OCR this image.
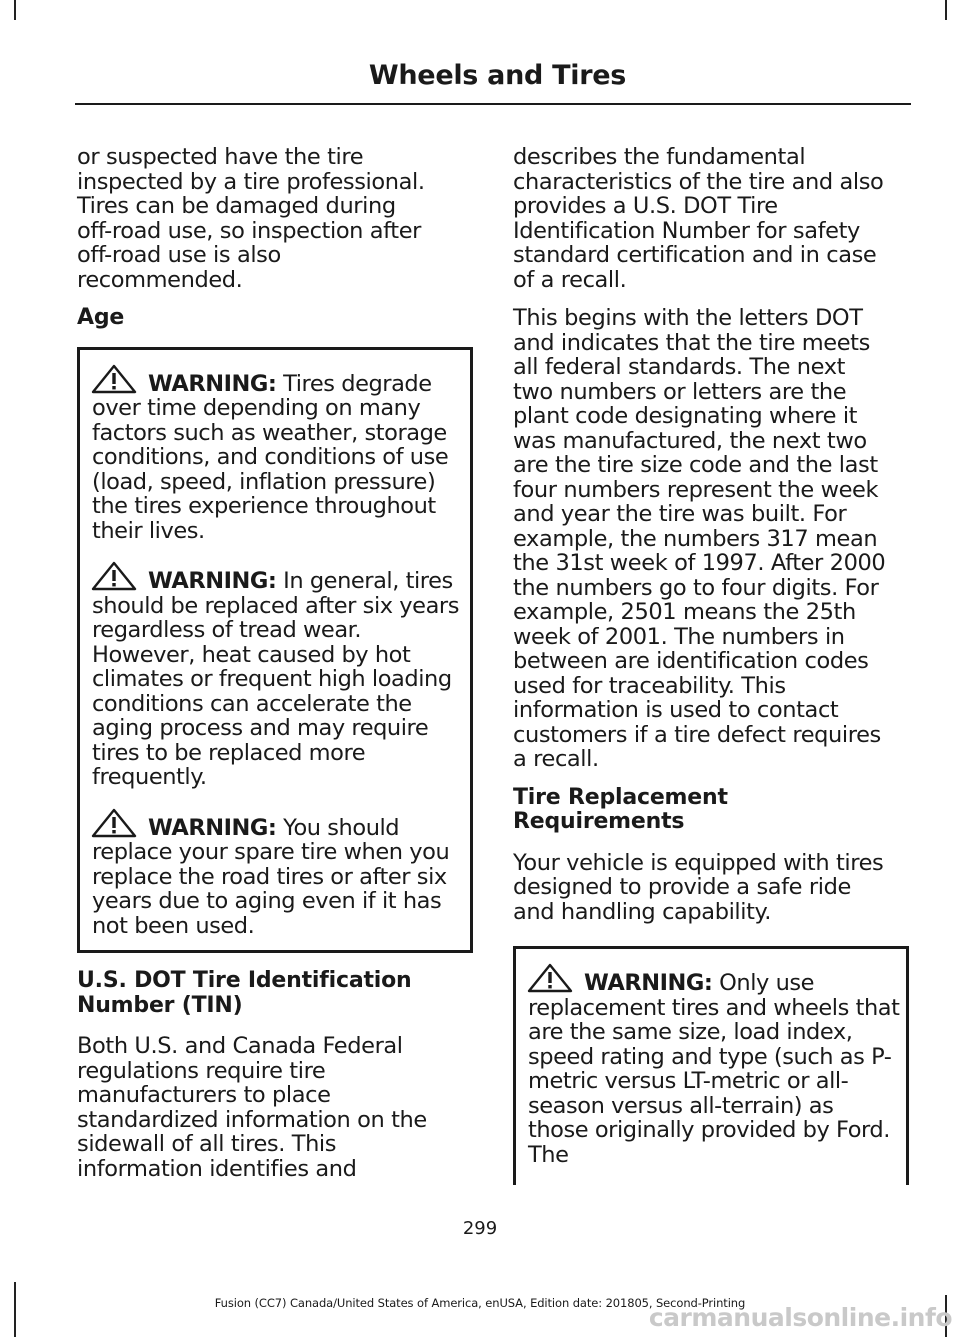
Wheels and Tires

or suspected have the tire
inspected by a tire professional.
Tires can be damaged during
off-road use, so inspection after
off-road use is also
recommended.

Age
WARNING: Tires degrade over time depending on many factors such as weather, storage conditions, and conditions of use (load, speed, inflation pressure) the tires experience throughout their lives.
WARNING: In general, tires should be replaced after six years regardless of tread wear. However, heat caused by hot climates or frequent high loading conditions can accelerate the aging process and may require tires to be replaced more frequently.
WARNING: You should replace your spare tire when you replace the road tires or after six years due to aging even if it has not been used.
U.S. DOT Tire Identification
Number (TIN)

Both U.S. and Canada Federal
regulations require tire
manufacturers to place
standardized information on the
sidewall of all tires. This
information identifies and

describes the fundamental
characteristics of the tire and also
provides a U.S. DOT Tire
Identification Number for safety
standard certification and in case
of a recall.

This begins with the letters DOT
and indicates that the tire meets
all federal standards. The next
two numbers or letters are the
plant code designating where it
was manufactured, the next two
are the tire size code and the last
four numbers represent the week
and year the tire was built. For
example, the numbers 317 mean
the 31st week of 1997. After 2000
the numbers go to four digits. For
example, 2501 means the 25th
week of 2001. The numbers in
between are identification codes
used for traceability. This
information is used to contact
customers if a tire defect requires
a recall.

Tire Replacement
Requirements

Your vehicle is equipped with tires
designed to provide a safe ride
and handling capability.

WARNING: Only use replacement tires and wheels that are the same size, load index, speed rating and type (such as P-metric versus LT-metric or all-season versus all-terrain) as those originally provided by Ford. The
299
Fusion (CC7) Canada/United States of America, enUSA, Edition date: 201805, Second-Printing
carmanualsonline.info
